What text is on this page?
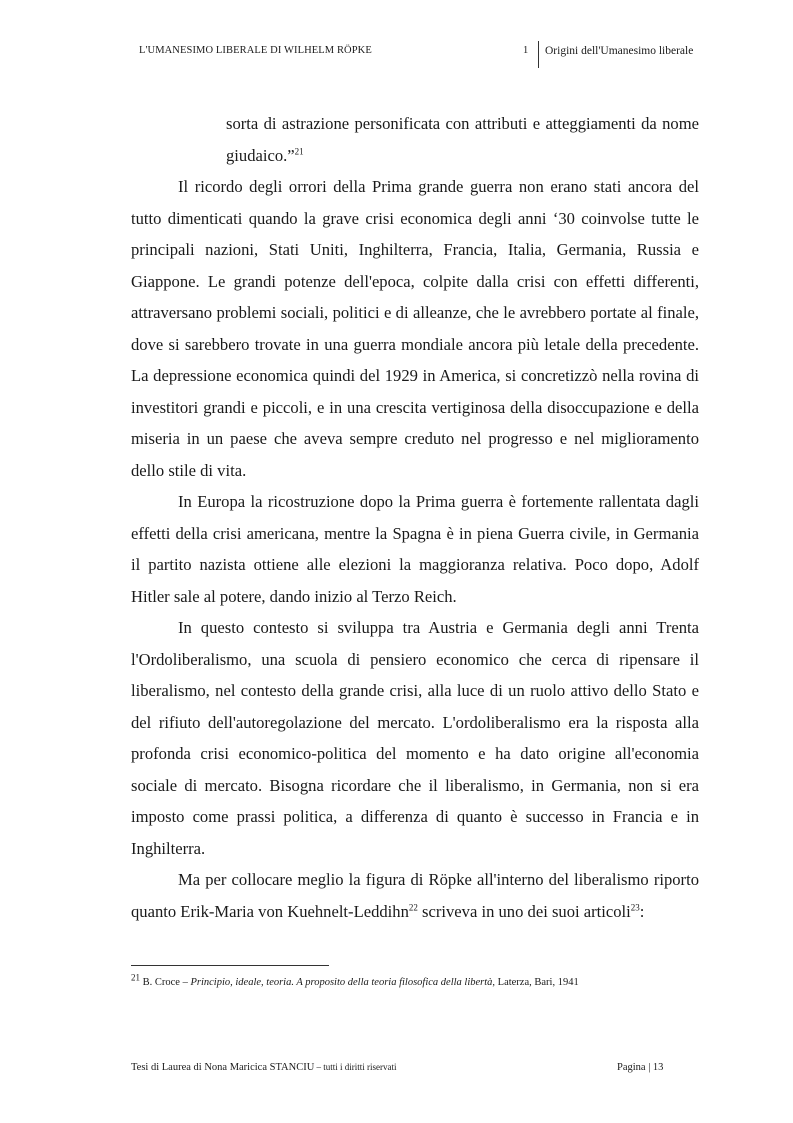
L'UMANESIMO LIBERALE DI WILHELM RÖPKE	1 Origini dell'Umanesimo liberale

sorta di astrazione personificata con attributi e atteggiamenti da nome giudaico.”$^{21}$

Il ricordo degli orrori della Prima grande guerra non erano stati ancora del tutto dimenticati quando la grave crisi economica degli anni ‘30 coinvolse tutte le principali nazioni, Stati Uniti, Inghilterra, Francia, Italia, Germania, Russia e Giappone. Le grandi potenze dell'epoca, colpite dalla crisi con effetti differenti, attraversano problemi sociali, politici e di alleanze, che le avrebbero portate al finale, dove si sarebbero trovate in una guerra mondiale ancora più letale della precedente. La depressione economica quindi del 1929 in America, si concretizzò nella rovina di investitori grandi e piccoli, e in una crescita vertiginosa della disoccupazione e della miseria in un paese che aveva sempre creduto nel progresso e nel miglioramento dello stile di vita.

In Europa la ricostruzione dopo la Prima guerra è fortemente rallentata dagli effetti della crisi americana, mentre la Spagna è in piena Guerra civile, in Germania il partito nazista ottiene alle elezioni la maggioranza relativa. Poco dopo, Adolf Hitler sale al potere, dando inizio al Terzo Reich.

In questo contesto si sviluppa tra Austria e Germania degli anni Trenta l'Ordoliberalismo, una scuola di pensiero economico che cerca di ripensare il liberalismo, nel contesto della grande crisi, alla luce di un ruolo attivo dello Stato e del rifiuto dell'autoregolazione del mercato. L'ordoliberalismo era la risposta alla profonda crisi economico-politica del momento e ha dato origine all'economia sociale di mercato. Bisogna ricordare che il liberalismo, in Germania, non si era imposto come prassi politica, a differenza di quanto è successo in Francia e in Inghilterra.

Ma per collocare meglio la figura di Röpke all'interno del liberalismo riporto quanto Erik-Maria von Kuehnelt-Leddihn$^{22}$ scriveva in uno dei suoi articoli$^{23}$:

$^{21}$ B. Croce – Principio, ideale, teoria. A proposito della teoria filosofica della libertà, Laterza, Bari, 1941
Tesi di Laurea di Nona Maricica STANCIU – tutti i diritti riservati	Pagina | 13
